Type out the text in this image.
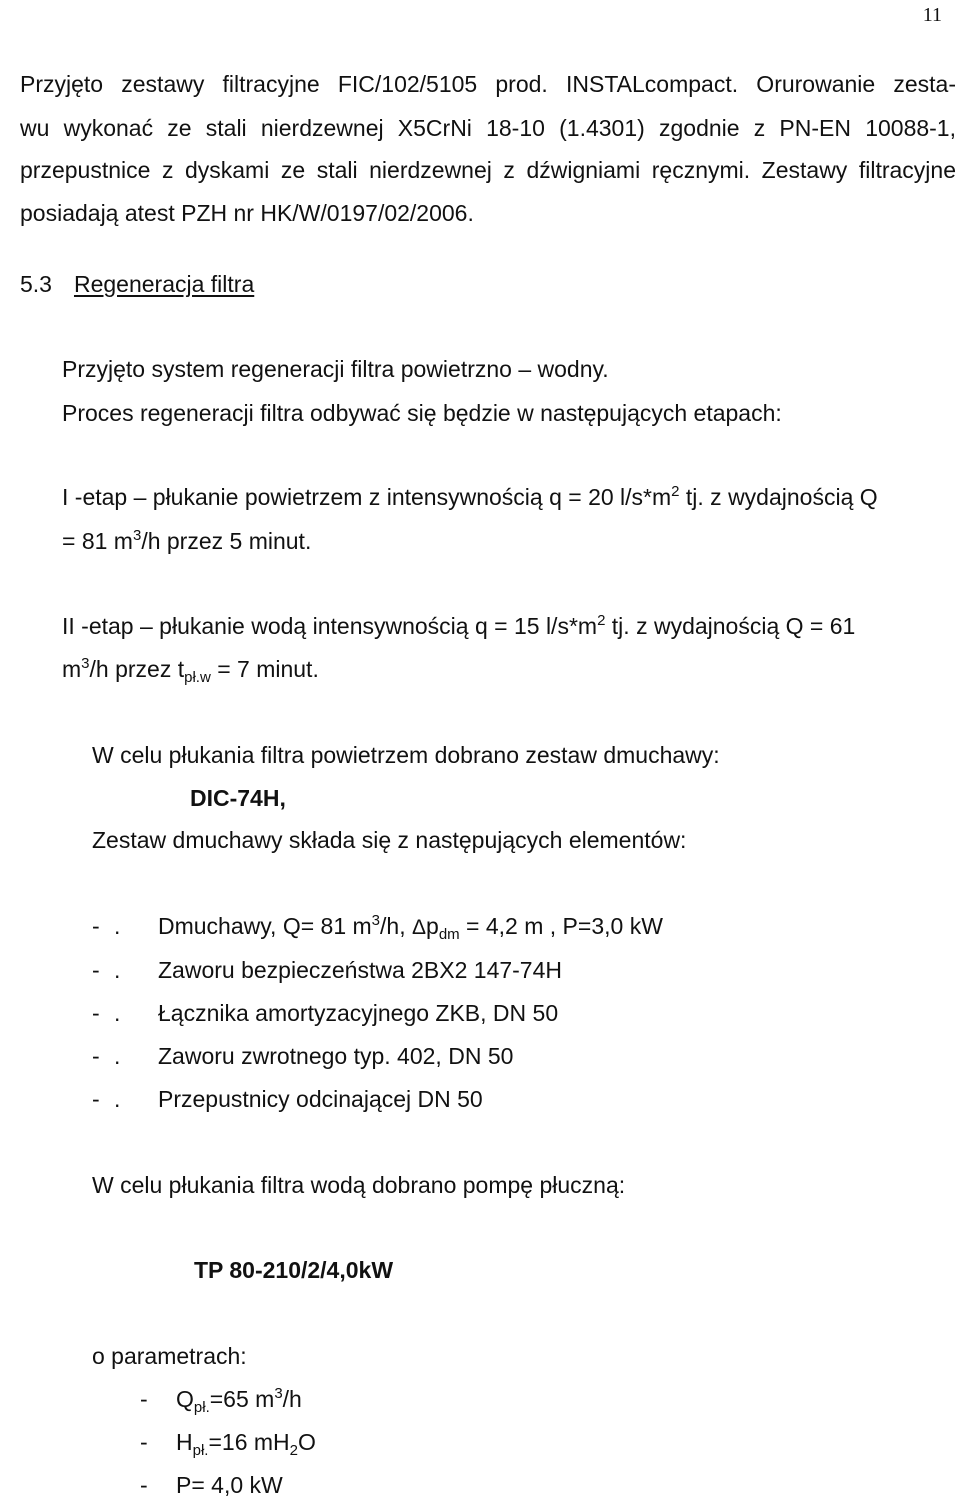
11
Przyjęto zestawy filtracyjne FIC/102/5105 prod. INSTALcompact. Orurowanie zesta-
wu wykonać ze stali nierdzewnej X5CrNi 18-10 (1.4301) zgodnie z PN-EN 10088-1,
przepustnice z dyskami ze stali nierdzewnej z dźwigniami ręcznymi. Zestawy filtracyjne
posiadają atest PZH nr HK/W/0197/02/2006.
5.3 Regeneracja filtra
Przyjęto system regeneracji filtra powietrzno – wodny.
Proces regeneracji filtra odbywać się będzie w następujących etapach:
I -etap – płukanie powietrzem z intensywnością q = 20 $l/s*m^2$ tj. z wydajnością Q
= 81 $m^3/h$ przez 5 minut.
II -etap – płukanie wodą intensywnością q = 15 $l/s*m^2$ tj. z wydajnością Q = 61
$m^3/h$ przez $t_{pł.w} = 7$ minut.
W celu płukania filtra powietrzem dobrano zestaw dmuchawy:
DIC-74H,
Zestaw dmuchawy składa się z następujących elementów:
- . Dmuchawy, Q= 81 $m^3/h$, $\Delta p_{dm} = 4,2$ m , P=3,0 kW
- . Zaworu bezpieczeństwa 2BX2 147-74H
- . Łącznika amortyzacyjnego ZKB, DN 50
- . Zaworu zwrotnego typ. 402, DN 50
- . Przepustnicy odcinającej DN 50
W celu płukania filtra wodą dobrano pompę płuczną:
TP 80-210/2/4,0kW
o parametrach:
- $Q_{pł.}=65$ $m^3/h$
- $H_{pł.}=16$ $mH_2O$
- P= 4,0 kW
